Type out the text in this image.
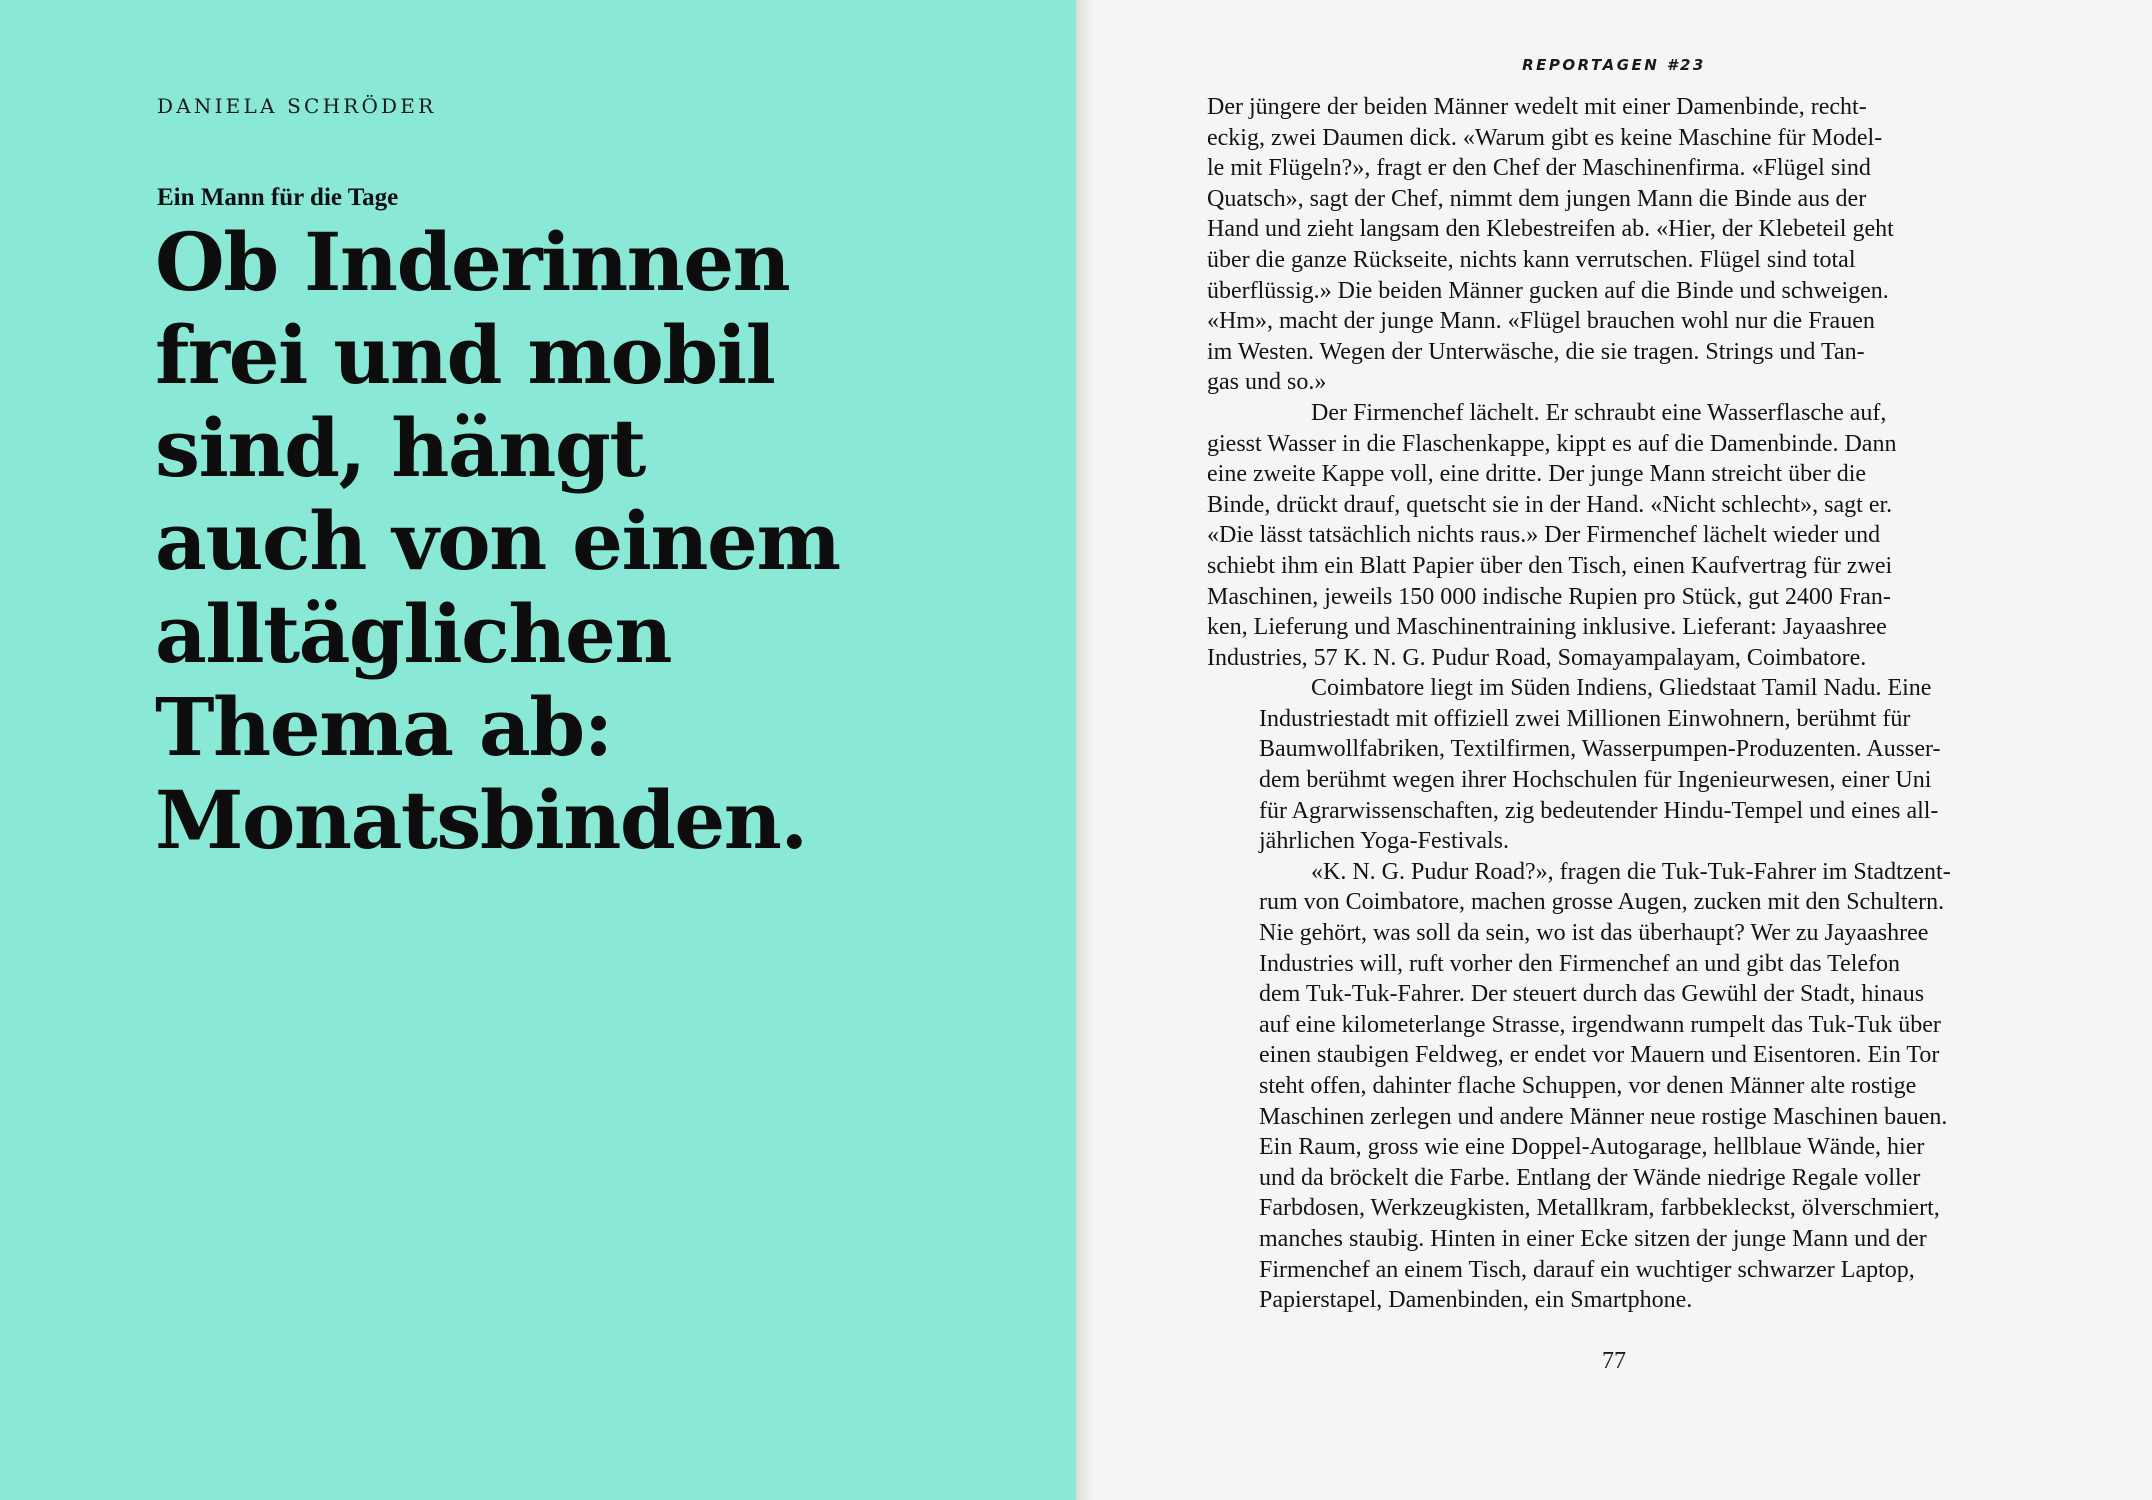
DANIELA SCHRÖDER
Ein Mann für die Tage
Ob Inderinnen
frei und mobil
sind, hängt
auch von einem
alltäglichen
Thema ab:
Monatsbinden.
REPORTAGEN #23
Der jüngere der beiden Männer wedelt mit einer Damenbinde, recht-
eckig, zwei Daumen dick. «Warum gibt es keine Maschine für Model-
le mit Flügeln?», fragt er den Chef der Maschinenfirma. «Flügel sind
Quatsch», sagt der Chef, nimmt dem jungen Mann die Binde aus der
Hand und zieht langsam den Klebestreifen ab. «Hier, der Klebeteil geht
über die ganze Rückseite, nichts kann verrutschen. Flügel sind total
überflüssig.» Die beiden Männer gucken auf die Binde und schweigen.
«Hm», macht der junge Mann. «Flügel brauchen wohl nur die Frauen
im Westen. Wegen der Unterwäsche, die sie tragen. Strings und Tan-
gas und so.»
Der Firmenchef lächelt. Er schraubt eine Wasserflasche auf,
giesst Wasser in die Flaschenkappe, kippt es auf die Damenbinde. Dann
eine zweite Kappe voll, eine dritte. Der junge Mann streicht über die
Binde, drückt drauf, quetscht sie in der Hand. «Nicht schlecht», sagt er.
«Die lässt tatsächlich nichts raus.» Der Firmenchef lächelt wieder und
schiebt ihm ein Blatt Papier über den Tisch, einen Kaufvertrag für zwei
Maschinen, jeweils 150 000 indische Rupien pro Stück, gut 2400 Fran-
ken, Lieferung und Maschinentraining inklusive. Lieferant: Jayaashree
Industries, 57 K. N. G. Pudur Road, Somayampalayam, Coimbatore.
Coimbatore liegt im Süden Indiens, Gliedstaat Tamil Nadu. Eine
Industriestadt mit offiziell zwei Millionen Einwohnern, berühmt für
Baumwollfabriken, Textilfirmen, Wasserpumpen-Produzenten. Ausser-
dem berühmt wegen ihrer Hochschulen für Ingenieurwesen, einer Uni
für Agrarwissenschaften, zig bedeutender Hindu-Tempel und eines all-
jährlichen Yoga-Festivals.
«K. N. G. Pudur Road?», fragen die Tuk-Tuk-Fahrer im Stadtzent-
rum von Coimbatore, machen grosse Augen, zucken mit den Schultern.
Nie gehört, was soll da sein, wo ist das überhaupt? Wer zu Jayaashree
Industries will, ruft vorher den Firmenchef an und gibt das Telefon
dem Tuk-Tuk-Fahrer. Der steuert durch das Gewühl der Stadt, hinaus
auf eine kilometerlange Strasse, irgendwann rumpelt das Tuk-Tuk über
einen staubigen Feldweg, er endet vor Mauern und Eisentoren. Ein Tor
steht offen, dahinter flache Schuppen, vor denen Männer alte rostige
Maschinen zerlegen und andere Männer neue rostige Maschinen bauen.
Ein Raum, gross wie eine Doppel-Autogarage, hellblaue Wände, hier
und da bröckelt die Farbe. Entlang der Wände niedrige Regale voller
Farbdosen, Werkzeugkisten, Metallkram, farbbekleckst, ölverschmiert,
manches staubig. Hinten in einer Ecke sitzen der junge Mann und der
Firmenchef an einem Tisch, darauf ein wuchtiger schwarzer Laptop,
Papierstapel, Damenbinden, ein Smartphone.
77
